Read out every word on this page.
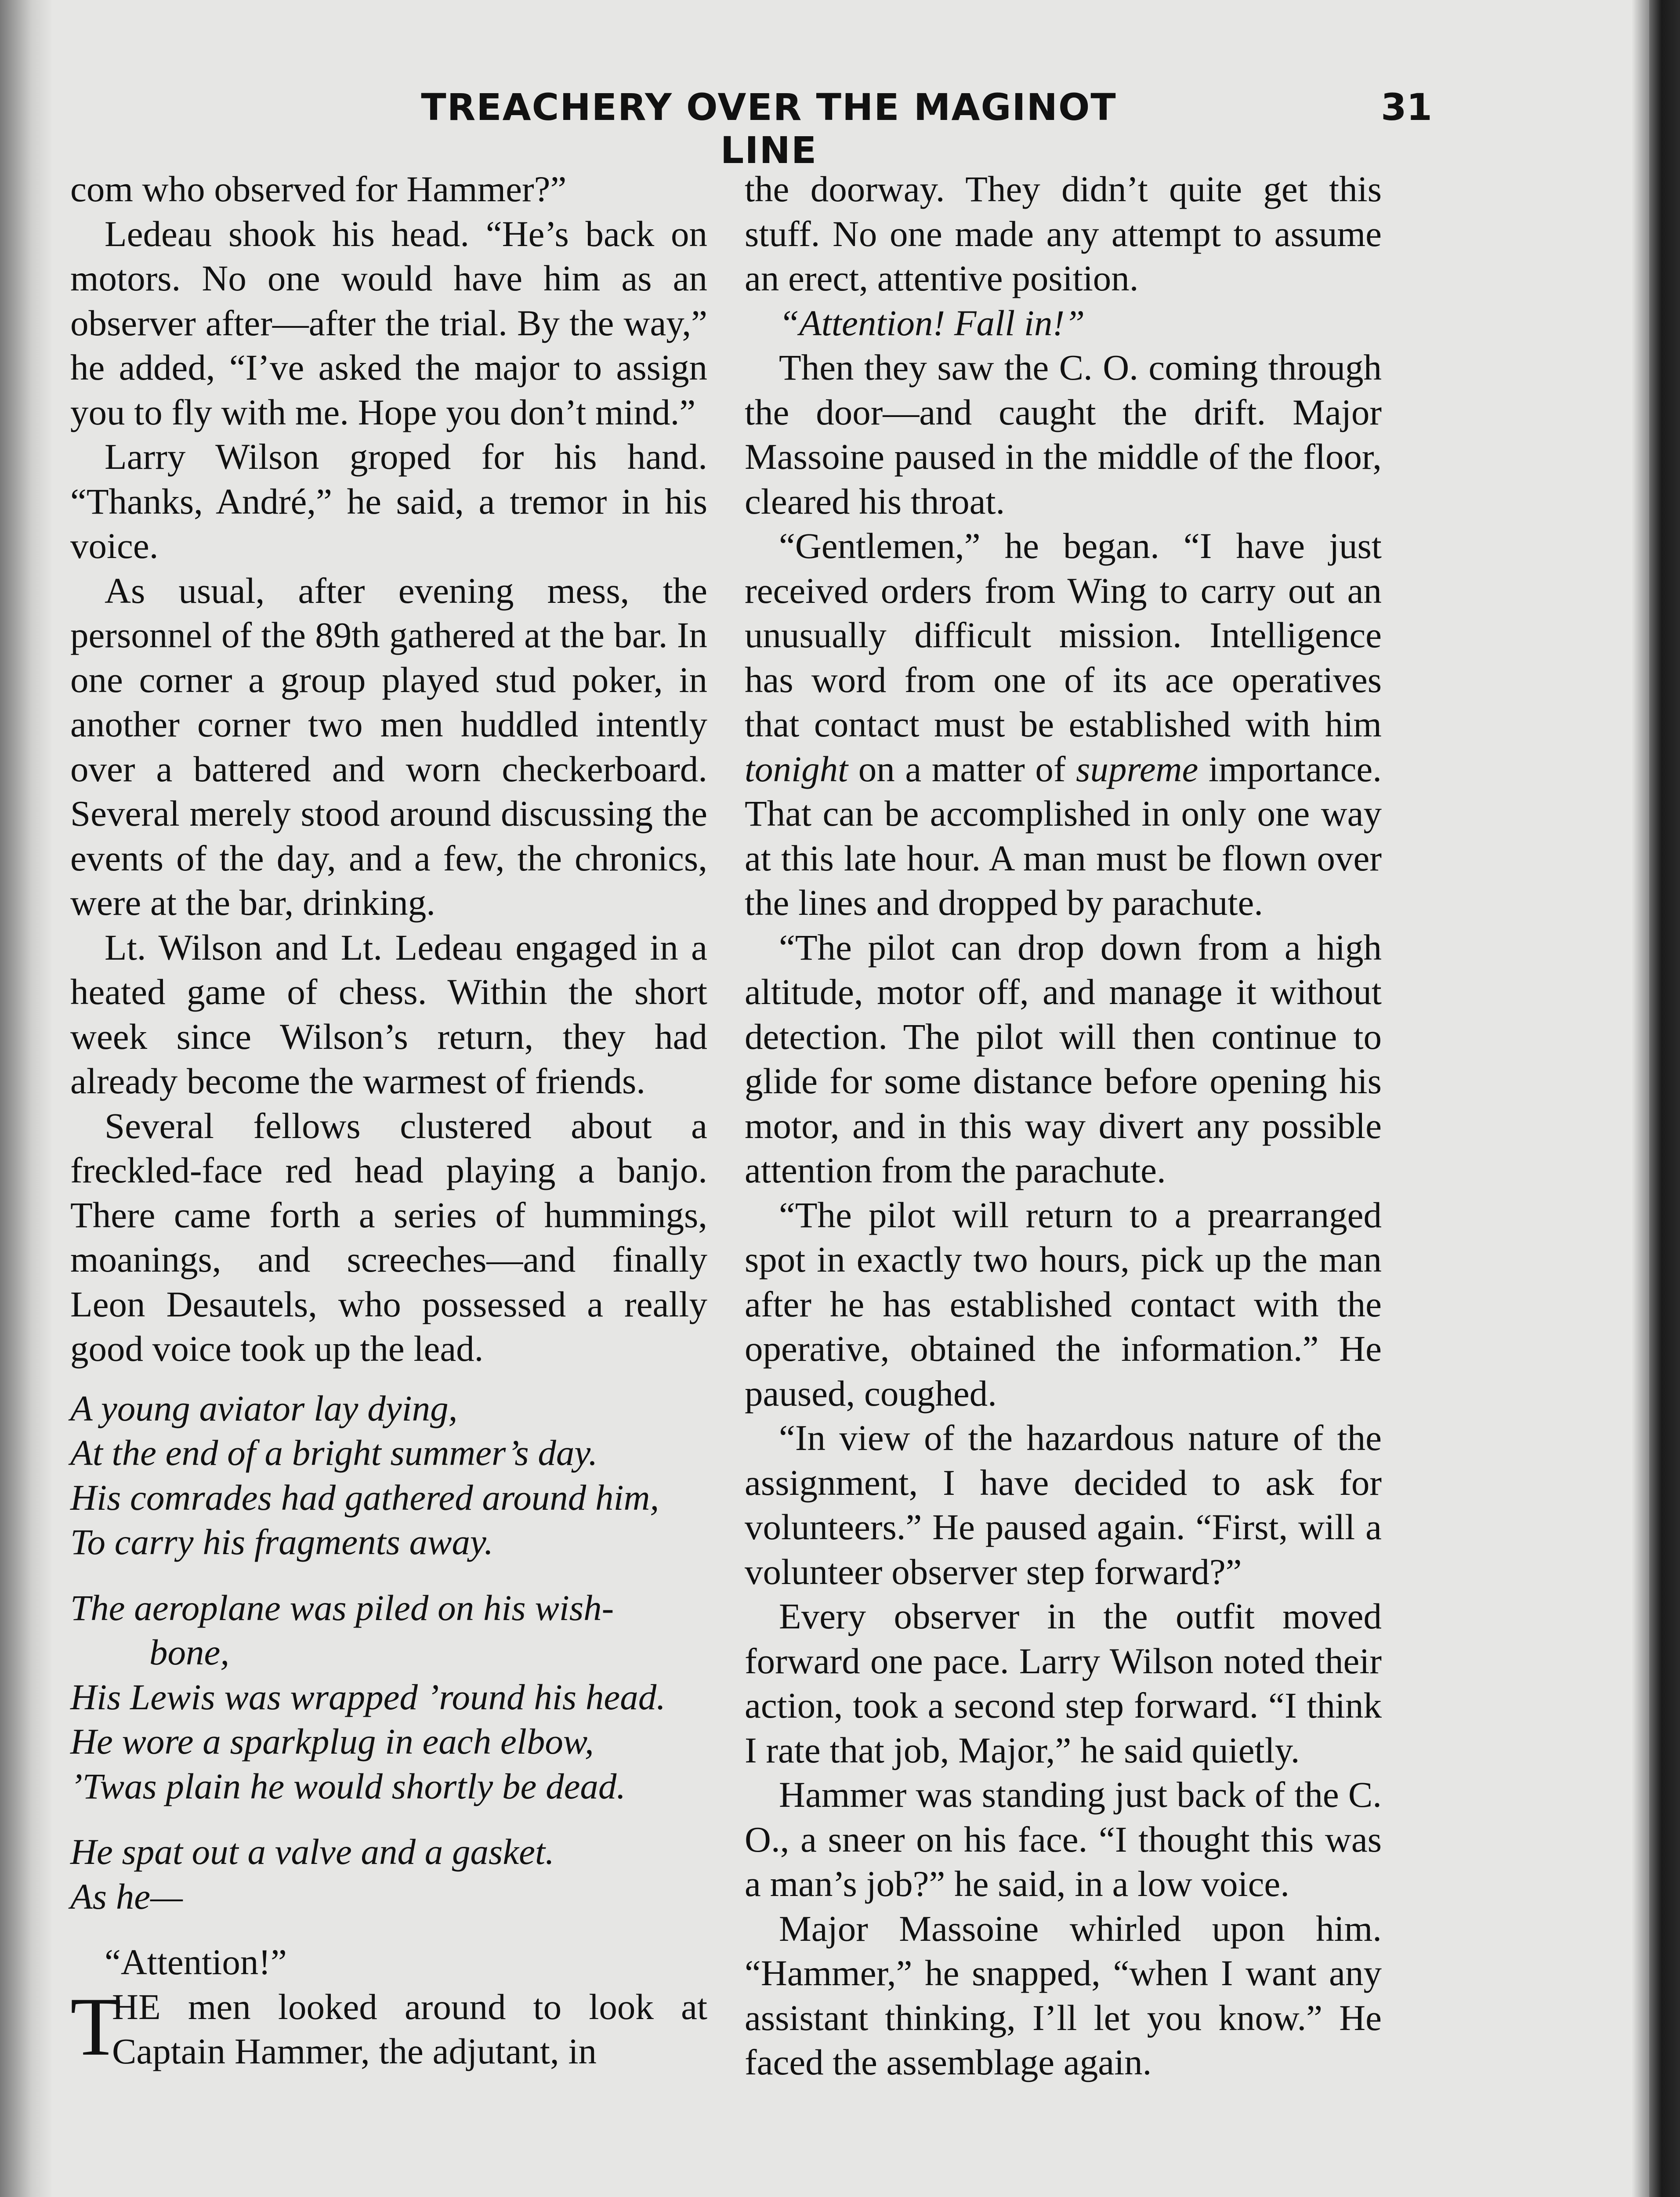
TREACHERY OVER THE MAGINOT LINE
31

com who observed for Hammer?”

Ledeau shook his head. “He’s back on motors. No one would have him as an observer after—after the trial. By the way,” he added, “I’ve asked the major to assign you to fly with me. Hope you don’t mind.”

Larry Wilson groped for his hand. “Thanks, André,” he said, a tremor in his voice.

As usual, after evening mess, the personnel of the 89th gathered at the bar. In one corner a group played stud poker, in another corner two men huddled intently over a battered and worn checkerboard. Several merely stood around discussing the events of the day, and a few, the chronics, were at the bar, drinking.

Lt. Wilson and Lt. Ledeau engaged in a heated game of chess. Within the short week since Wilson’s return, they had already become the warmest of friends.

Several fellows clustered about a freckled-face red head playing a banjo. There came forth a series of hummings, moanings, and screeches—and finally Leon Desautels, who possessed a really good voice took up the lead.

A young aviator lay dying,
At the end of a bright summer’s day.
His comrades had gathered around him,
To carry his fragments away.
The aeroplane was piled on his wish-
bone,
His Lewis was wrapped ’round his head.
He wore a sparkplug in each elbow,
’Twas plain he would shortly be dead.
He spat out a valve and a gasket.
As he—

“Attention!”

T
HE men looked around to look at Captain Hammer, the adjutant, in

the doorway. They didn’t quite get this stuff. No one made any attempt to assume an erect, attentive position.

“Attention! Fall in!”

Then they saw the C. O. coming through the door—and caught the drift. Major Massoine paused in the middle of the floor, cleared his throat.

“Gentlemen,” he began. “I have just received orders from Wing to carry out an unusually difficult mission. Intelligence has word from one of its ace operatives that contact must be established with him tonight on a matter of supreme importance. That can be accomplished in only one way at this late hour. A man must be flown over the lines and dropped by parachute.

“The pilot can drop down from a high altitude, motor off, and manage it without detection. The pilot will then continue to glide for some distance before opening his motor, and in this way divert any possible attention from the parachute.

“The pilot will return to a prearranged spot in exactly two hours, pick up the man after he has established contact with the operative, obtained the information.” He paused, coughed.

“In view of the hazardous nature of the assignment, I have decided to ask for volunteers.” He paused again. “First, will a volunteer observer step forward?”

Every observer in the outfit moved forward one pace. Larry Wilson noted their action, took a second step forward. “I think I rate that job, Major,” he said quietly.

Hammer was standing just back of the C. O., a sneer on his face. “I thought this was a man’s job?” he said, in a low voice.

Major Massoine whirled upon him. “Hammer,” he snapped, “when I want any assistant thinking, I’ll let you know.” He faced the assemblage again.
